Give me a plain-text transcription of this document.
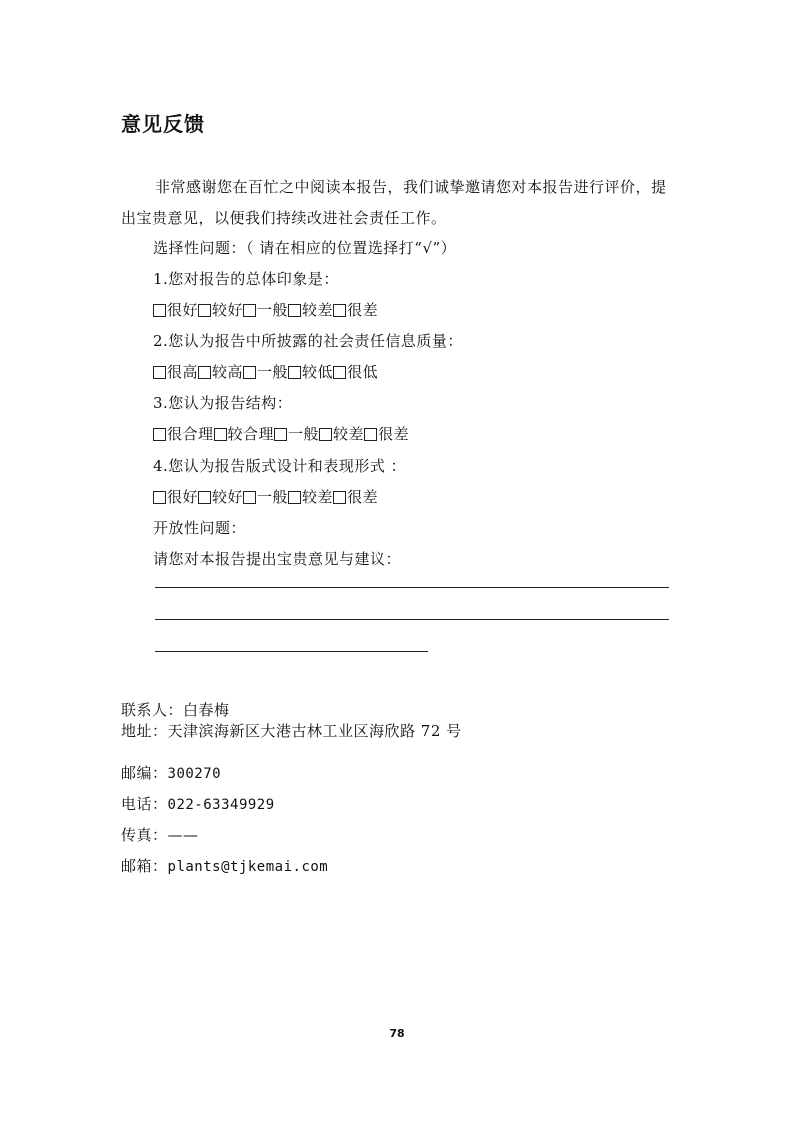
意见反馈
非常感谢您在百忙之中阅读本报告，我们诚挚邀请您对本报告进行评价，提出宝贵意见，以便我们持续改进社会责任工作。
选择性问题：（ 请在相应的位置选择打“√”）
1.您对报告的总体印象是：
很好 较好 一般 较差 很差
2.您认为报告中所披露的社会责任信息质量：
很高 较高 一般 较低 很低
3.您认为报告结构：
很合理 较合理 一般 较差 很差
4.您认为报告版式设计和表现形式 ：
很好 较好 一般 较差 很差
开放性问题：
请您对本报告提出宝贵意见与建议：
联系人：白春梅
地址：天津滨海新区大港古林工业区海欣路 72 号
邮编：300270
电话：022-63349929
传真：——
邮箱：plants@tjkemai.com
78
